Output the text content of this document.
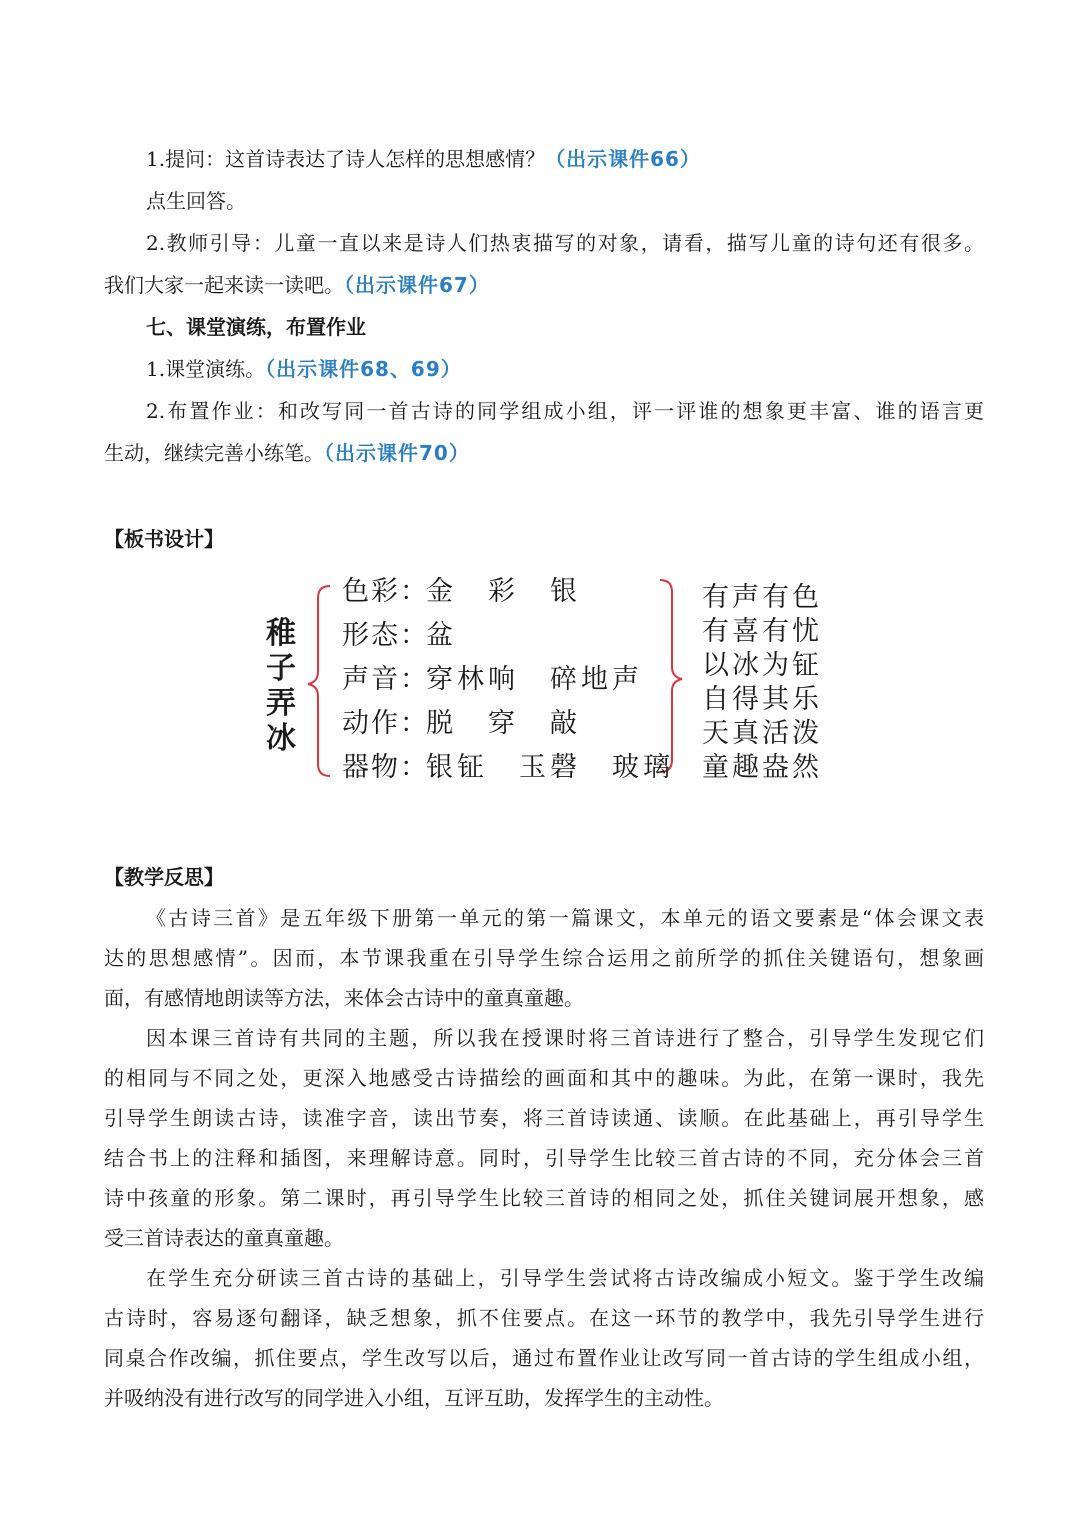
1.提问：这首诗表达了诗人怎样的思想感情？（出示课件66）
点生回答。
2.教师引导：儿童一直以来是诗人们热衷描写的对象，请看，描写儿童的诗句还有很多。
我们大家一起来读一读吧。（出示课件67）
七、课堂演练，布置作业
1.课堂演练。（出示课件68、69）
2.布置作业：和改写同一首古诗的同学组成小组，评一评谁的想象更丰富、谁的语言更
生动，继续完善小练笔。（出示课件70）
【板书设计】
稚
子
弄
冰
色彩：金　彩　银
形态：盆
声音：穿林响　碎地声
动作：脱　穿　敲
器物：银钲　玉磬　玻璃
有声有色
有喜有忧
以冰为钲
自得其乐
天真活泼
童趣盎然
【教学反思】
《古诗三首》是五年级下册第一单元的第一篇课文，本单元的语文要素是“体会课文表
达的思想感情”。因而，本节课我重在引导学生综合运用之前所学的抓住关键语句，想象画
面，有感情地朗读等方法，来体会古诗中的童真童趣。
因本课三首诗有共同的主题，所以我在授课时将三首诗进行了整合，引导学生发现它们
的相同与不同之处，更深入地感受古诗描绘的画面和其中的趣味。为此，在第一课时，我先
引导学生朗读古诗，读准字音，读出节奏，将三首诗读通、读顺。在此基础上，再引导学生
结合书上的注释和插图，来理解诗意。同时，引导学生比较三首古诗的不同，充分体会三首
诗中孩童的形象。第二课时，再引导学生比较三首诗的相同之处，抓住关键词展开想象，感
受三首诗表达的童真童趣。
在学生充分研读三首古诗的基础上，引导学生尝试将古诗改编成小短文。鉴于学生改编
古诗时，容易逐句翻译，缺乏想象，抓不住要点。在这一环节的教学中，我先引导学生进行
同桌合作改编，抓住要点，学生改写以后，通过布置作业让改写同一首古诗的学生组成小组，
并吸纳没有进行改写的同学进入小组，互评互助，发挥学生的主动性。
